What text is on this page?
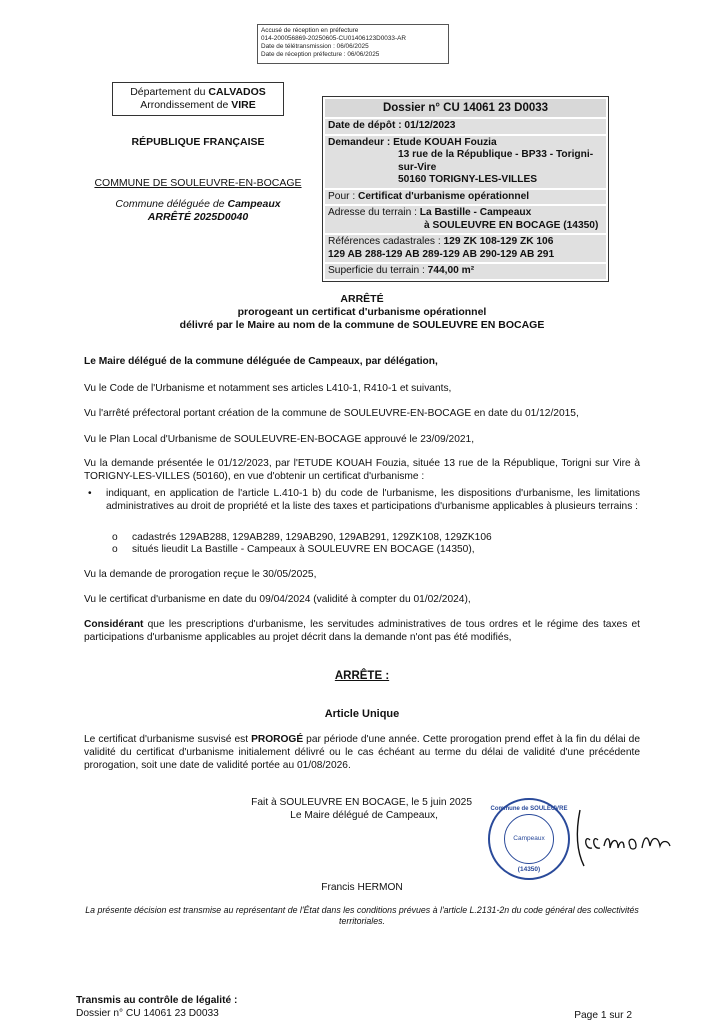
Accusé de réception en préfecture
014-200056869-20250605-CU01406123D0033-AR
Date de télétransmission : 06/06/2025
Date de réception préfecture : 06/06/2025
Département du CALVADOS
Arrondissement de VIRE
RÉPUBLIQUE FRANÇAISE
COMMUNE DE SOULEUVRE-EN-BOCAGE
Commune déléguée de Campeaux
ARRÊTÉ 2025D0040
Dossier n° CU 14061 23 D0033
Date de dépôt : 01/12/2023
Demandeur : Etude KOUAH Fouzia
13 rue de la République - BP33 - Torigni-sur-Vire
50160 TORIGNY-LES-VILLES
Pour : Certificat d'urbanisme opérationnel
Adresse du terrain : La Bastille - Campeaux
à SOULEUVRE EN BOCAGE (14350)
Références cadastrales : 129 ZK 108-129 ZK 106
129 AB 288-129 AB 289-129 AB 290-129 AB 291
Superficie du terrain : 744,00 m²
ARRÊTÉ
prorogeant un certificat d'urbanisme opérationnel
délivré par le Maire au nom de la commune de SOULEUVRE EN BOCAGE
Le Maire délégué de la commune déléguée de Campeaux, par délégation,
Vu le Code de l'Urbanisme et notamment ses articles L410-1, R410-1 et suivants,
Vu l'arrêté préfectoral portant création de la commune de SOULEUVRE-EN-BOCAGE en date du 01/12/2015,
Vu le Plan Local d'Urbanisme de SOULEUVRE-EN-BOCAGE approuvé le 23/09/2021,
Vu la demande présentée le 01/12/2023, par l'ETUDE KOUAH Fouzia, situéе 13 rue de la République, Torigni sur Vire à TORIGNY-LES-VILLES (50160), en vue d'obtenir un certificat d'urbanisme :
• indiquant, en application de l'article L.410-1 b) du code de l'urbanisme, les dispositions d'urbanisme, les limitations administratives au droit de propriété et la liste des taxes et participations d'urbanisme applicables à plusieurs terrains :
o cadastrés 129AB288, 129AB289, 129AB290, 129AB291, 129ZK108, 129ZK106
o situés lieudit La Bastille - Campeaux à SOULEUVRE EN BOCAGE (14350),
Vu la demande de prorogation reçue le 30/05/2025,
Vu le certificat d'urbanisme en date du 09/04/2024 (validité à compter du 01/02/2024),
Considérant que les prescriptions d'urbanisme, les servitudes administratives de tous ordres et le régime des taxes et participations d'urbanisme applicables au projet décrit dans la demande n'ont pas été modifiés,
ARRÊTE :
Article Unique
Le certificat d'urbanisme susvisé est PROROGÉ par période d'une année. Cette prorogation prend effet à la fin du délai de validité du certificat d'urbanisme initialement délivré ou le cas échéant au terme du délai de validité d'une précédente prorogation, soit une date de validité portée au 01/08/2026.
Fait à SOULEUVRE EN BOCAGE, le 5 juin 2025
Le Maire délégué de Campeaux,
Commune de SOULEUVRE
Campeaux
(14350)
Francis HERMON
La présente décision est transmise au représentant de l'État dans les conditions prévues à l'article L.2131-2n du code général des collectivités territoriales.
Transmis au contrôle de légalité :
Dossier n° CU 14061 23 D0033	Page 1 sur 2
